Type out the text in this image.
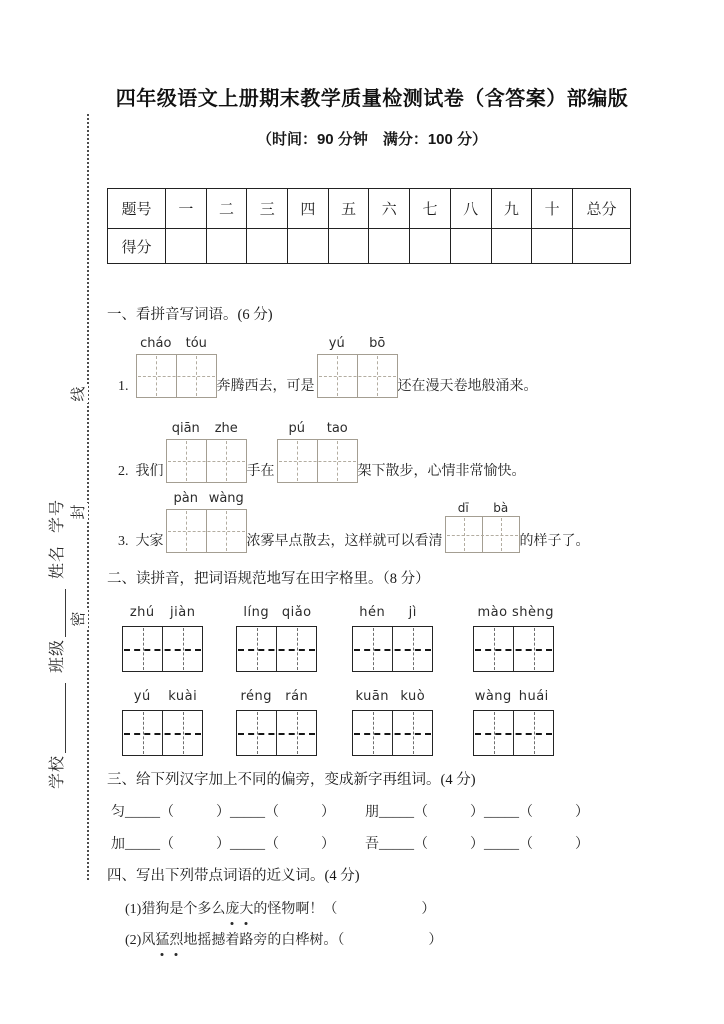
学校
班级
姓名
学号
线
封
密
四年级语文上册期末教学质量检测试卷（含答案）部编版
（时间：90 分钟　满分：100 分）
题号	一	二	三	四	五	六	七	八	九	十	总分
得分											
一、看拼音写词语。(6 分)
1.
cháo	tóu
奔腾西去，可是
yú	bō
还在漫天卷地般涌来。
2. 我们
qiān	zhe
手在
pú	tao
架下散步，心情非常愉快。
3. 大家
pàn wàng
浓雾早点散去，这样就可以看清
dī	bà
的样子了。
二、读拼音，把词语规范地写在田字格里。（8 分）
zhú	jiàn	líng qiǎo	hén	jì	mào shèng
yú	kuài	réng	rán	kuān kuò	wàng huái
三、给下列汉字加上不同的偏旁，变成新字再组词。(4 分)
匀_____（　　　）_____（　　　） 朋_____（　　　）_____（　　　）
加_____（　　　）_____（　　　） 吾_____（　　　）_____（　　　）
四、写出下列带点词语的近义词。(4 分)
(1)猎狗是个多么庞大的怪物啊！（　　　　　　）
(2)风猛烈地摇撼着路旁的白桦树。（　　　　　　）
